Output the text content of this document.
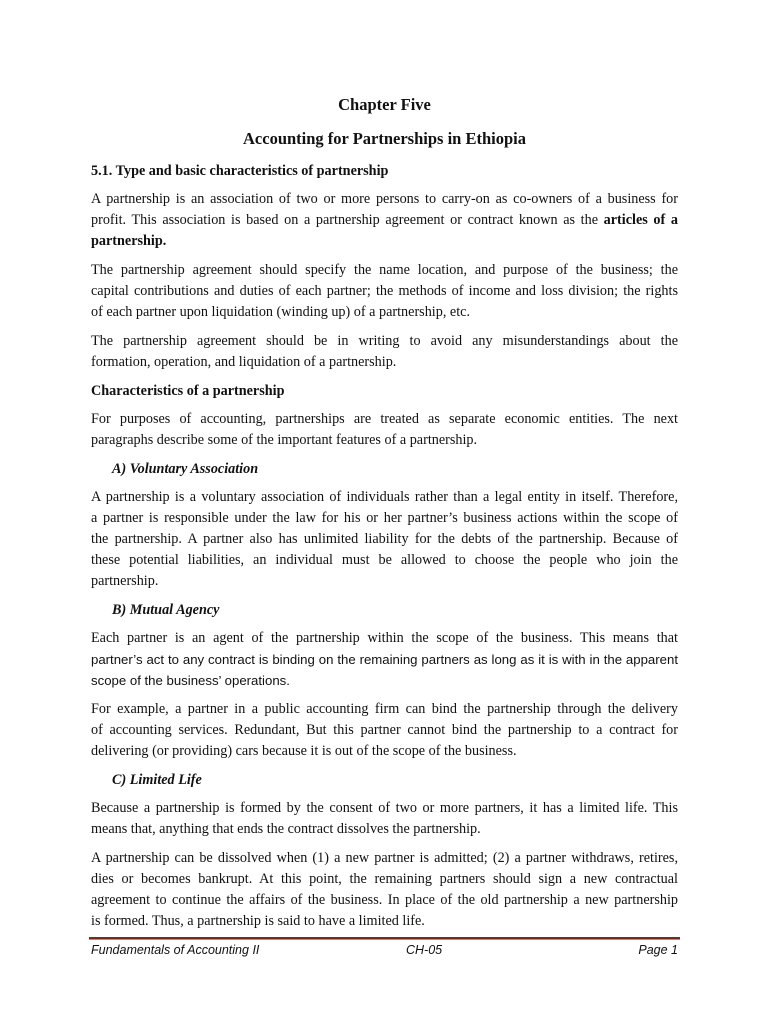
Chapter Five
Accounting for Partnerships in Ethiopia
5.1. Type and basic characteristics of partnership

A partnership is an association of two or more persons to carry-on as co-owners of a business for
profit. This association is based on a partnership agreement or contract known as the articles of a
partnership.

The partnership agreement should specify the name location, and purpose of the business; the
capital contributions and duties of each partner; the methods of income and loss division; the rights
of each partner upon liquidation (winding up) of a partnership, etc.

The partnership agreement should be in writing to avoid any misunderstandings about the
formation, operation, and liquidation of a partnership.

Characteristics of a partnership

For purposes of accounting, partnerships are treated as separate economic entities. The next
paragraphs describe some of the important features of a partnership.

A) Voluntary Association

A partnership is a voluntary association of individuals rather than a legal entity in itself. Therefore,
a partner is responsible under the law for his or her partner’s business actions within the scope of
the partnership. A partner also has unlimited liability for the debts of the partnership. Because of
these potential liabilities, an individual must be allowed to choose the people who join the
partnership.

B) Mutual Agency

Each partner is an agent of the partnership within the scope of the business. This means that
partner’s act to any contract is binding on the remaining partners as long as it is with in the apparent
scope of the business’ operations.

For example, a partner in a public accounting firm can bind the partnership through the delivery
of accounting services. Redundant, But this partner cannot bind the partnership to a contract for
delivering (or providing) cars because it is out of the scope of the business.

C) Limited Life

Because a partnership is formed by the consent of two or more partners, it has a limited life. This
means that, anything that ends the contract dissolves the partnership.

A partnership can be dissolved when (1) a new partner is admitted; (2) a partner withdraws, retires,
dies or becomes bankrupt. At this point, the remaining partners should sign a new contractual
agreement to continue the affairs of the business. In place of the old partnership a new partnership
is formed. Thus, a partnership is said to have a limited life.

Fundamentals of Accounting II	CH-05	Page 1
